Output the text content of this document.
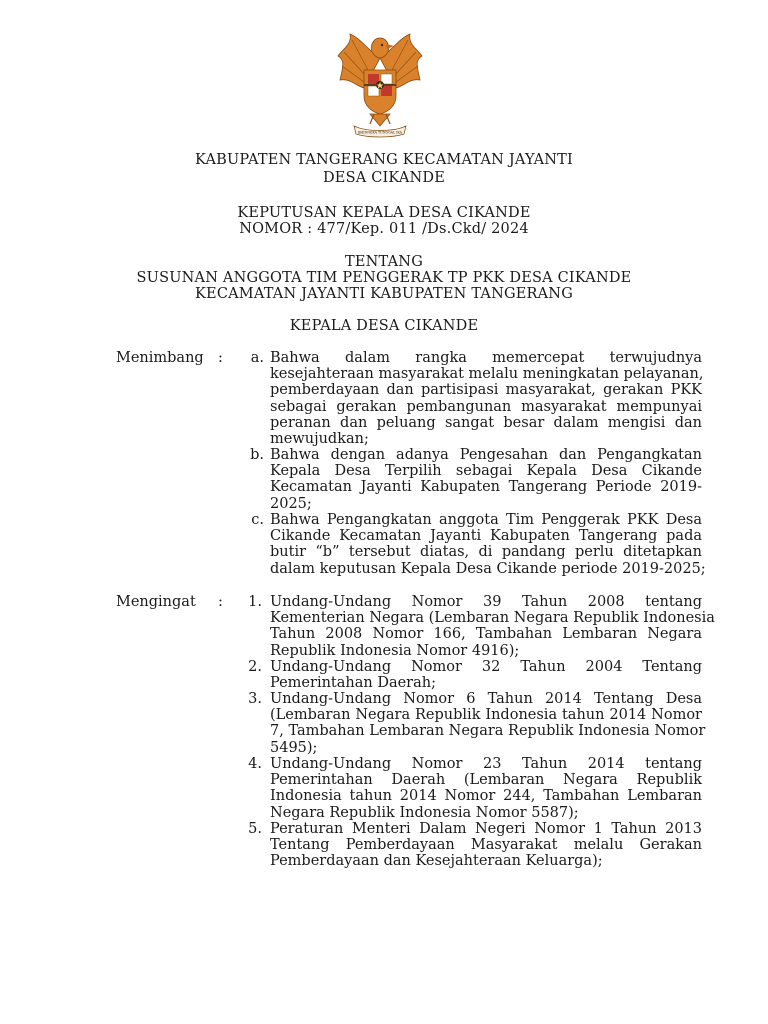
BHINNEKA TUNGGAL IKA
KABUPATEN TANGERANG KECAMATAN JAYANTI
DESA CIKANDE
KEPUTUSAN KEPALA DESA CIKANDE
NOMOR : 477/Kep. 011 /Ds.Ckd/ 2024
TENTANG
SUSUNAN ANGGOTA TIM PENGGERAK TP PKK DESA CIKANDE
KECAMATAN JAYANTI KABUPATEN TANGERANG
KEPALA DESA CIKANDE
Menimbang :	a. Bahwa dalam rangka memercepat terwujudnya
kesejahteraan masyarakat melalu meningkatan pelayanan,
pemberdayaan dan partisipasi masyarakat, gerakan PKK
sebagai gerakan pembangunan masyarakat mempunyai
peranan dan peluang sangat besar dalam mengisi dan
mewujudkan;
b. Bahwa dengan adanya Pengesahan dan Pengangkatan
Kepala Desa Terpilih sebagai Kepala Desa Cikande
Kecamatan Jayanti Kabupaten Tangerang Periode 2019-
2025;
c. Bahwa Pengangkatan anggota Tim Penggerak PKK Desa
Cikande Kecamatan Jayanti Kabupaten Tangerang pada
butir “b” tersebut diatas, di pandang perlu ditetapkan
dalam keputusan Kepala Desa Cikande periode 2019-2025;
Mengingat :	1. Undang-Undang Nomor 39 Tahun 2008 tentang
Kementerian Negara (Lembaran Negara Republik Indonesia
Tahun 2008 Nomor 166, Tambahan Lembaran Negara
Republik Indonesia Nomor 4916);
2. Undang-Undang Nomor 32 Tahun 2004 Tentang
Pemerintahan Daerah;
3. Undang-Undang Nomor 6 Tahun 2014 Tentang Desa
(Lembaran Negara Republik Indonesia tahun 2014 Nomor
7, Tambahan Lembaran Negara Republik Indonesia Nomor
5495);
4. Undang-Undang Nomor 23 Tahun 2014 tentang
Pemerintahan Daerah (Lembaran Negara Republik
Indonesia tahun 2014 Nomor 244, Tambahan Lembaran
Negara Republik Indonesia Nomor 5587);
5. Peraturan Menteri Dalam Negeri Nomor 1 Tahun 2013
Tentang Pemberdayaan Masyarakat melalu Gerakan
Pemberdayaan dan Kesejahteraan Keluarga);
